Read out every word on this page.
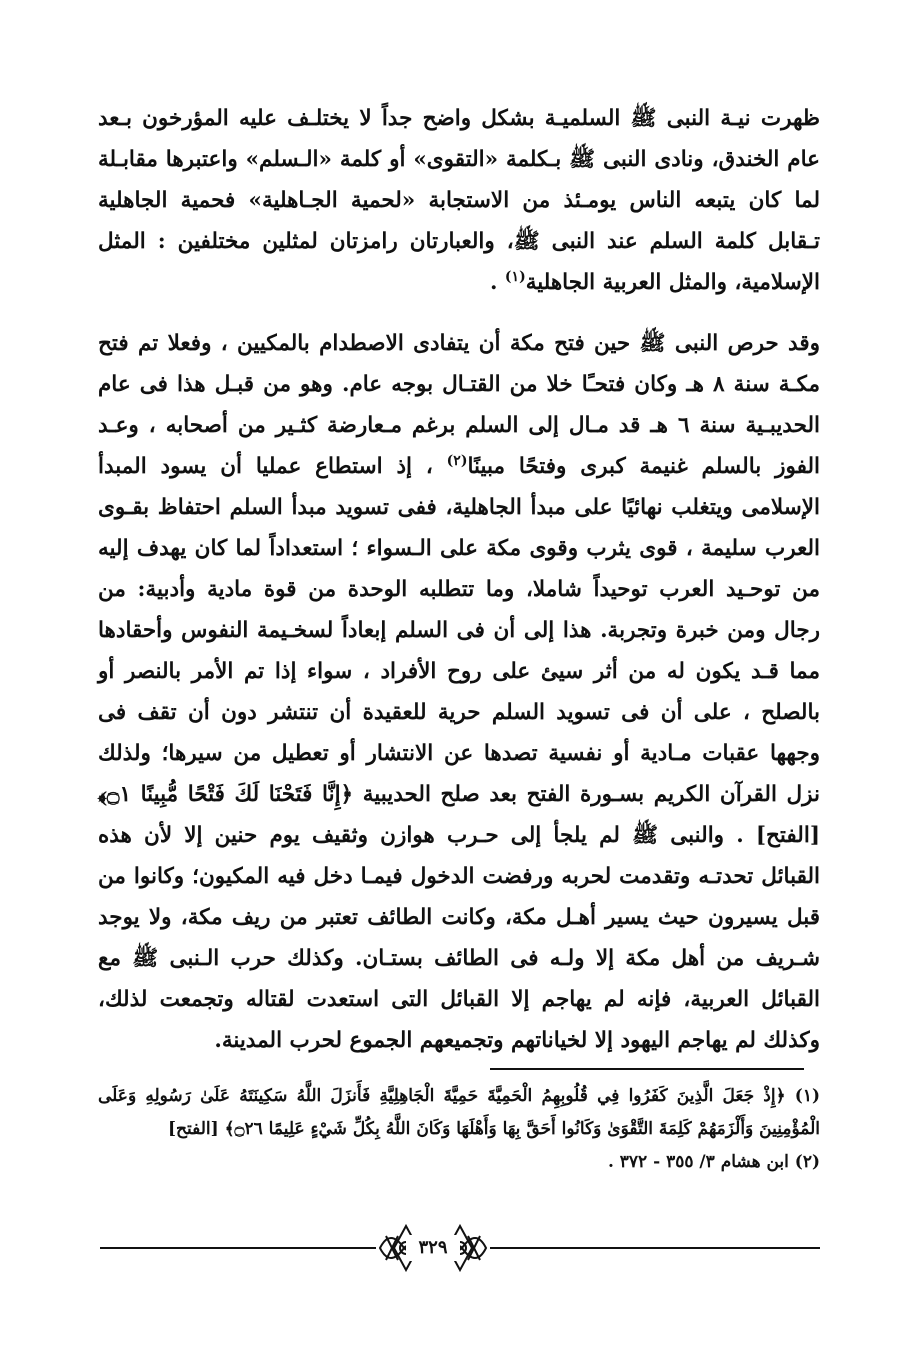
ظهرت نيـة النبى ﷺ السلميـة بشكل واضح جداً لا يختلـف عليه المؤرخون بـعد عام الخندق، ونادى النبى ﷺ بـكلمة «التقوى» أو كلمة «الـسلم» واعتبرها مقابـلة لما كان يتبعه الناس يومـئذ من الاستجابة «لحمية الجـاهلية» فحمية الجاهلية تـقابل كلمة السلم عند النبى ﷺ، والعبارتان رامزتان لمثلين مختلفين : المثل الإسلامية، والمثل العربية الجاهلية$^{(١)}$ .

وقد حرص النبى ﷺ حين فتح مكة أن يتفادى الاصطدام بالمكيين ، وفعلا تم فتح مكـة سنة ٨ هـ وكان فتحـًا خلا من القتـال بوجه عام. وهو من قبـل هذا فى عام الحديبـية سنة ٦ هـ قد مـال إلى السلم برغم مـعارضة كثـير من أصحابه ، وعـد الفوز بالسلم غنيمة كبرى وفتحًا مبينًا$^{(٢)}$ ، إذ استطاع عمليا أن يسود المبدأ الإسلامى ويتغلب نهائيًا على مبدأ الجاهلية، ففى تسويد مبدأ السلم احتفاظ بقـوى العرب سليمة ، قوى يثرب وقوى مكة على الـسواء ؛ استعداداً لما كان يهدف إليه من توحـيد العرب توحيداً شاملا، وما تتطلبه الوحدة من قوة مادية وأدبية: من رجال ومن خبرة وتجربة. هذا إلى أن فى السلم إبعاداً لسخـيمة النفوس وأحقادها مما قـد يكون له من أثر سيئ على روح الأفراد ، سواء إذا تم الأمر بالنصر أو بالصلح ، على أن فى تسويد السلم حرية للعقيدة أن تنتشر دون أن تقف فى وجهها عقبات مـادية أو نفسية تصدها عن الانتشار أو تعطيل من سيرها؛ ولذلك نزل القرآن الكريم بسـورة الفتح بعد صلح الحديبية ﴿إِنَّا فَتَحْنَا لَكَ فَتْحًا مُّبِينًا ۝١﴾ [الفتح] . والنبى ﷺ لم يلجأ إلى حـرب هوازن وثقيف يوم حنين إلا لأن هذه القبائل تحدتـه وتقدمت لحربه ورفضت الدخول فيمـا دخل فيه المكيون؛ وكانوا من قبل يسيرون حيث يسير أهـل مكة، وكانت الطائف تعتبر من ريف مكة، ولا يوجد شـريف من أهل مكة إلا ولـه فى الطائف بستـان. وكذلك حرب الـنبى ﷺ مع القبائل العربية، فإنه لم يهاجم إلا القبائل التى استعدت لقتاله وتجمعت لذلك، وكذلك لم يهاجم اليهود إلا لخياناتهم وتجميعهم الجموع لحرب المدينة.

(١) ﴿إِذْ جَعَلَ الَّذِينَ كَفَرُوا فِي قُلُوبِهِمُ الْحَمِيَّةَ حَمِيَّةَ الْجَاهِلِيَّةِ فَأَنزَلَ اللَّهُ سَكِينَتَهُ عَلَىٰ رَسُولِهِ وَعَلَى الْمُؤْمِنِينَ وَأَلْزَمَهُمْ كَلِمَةَ التَّقْوَىٰ وَكَانُوا أَحَقَّ بِهَا وَأَهْلَهَا وَكَانَ اللَّهُ بِكُلِّ شَيْءٍ عَلِيمًا ۝٢٦﴾ [الفتح]

(٢) ابن هشام ٣/ ٣٥٥ - ٣٧٢ .

٣٢٩
